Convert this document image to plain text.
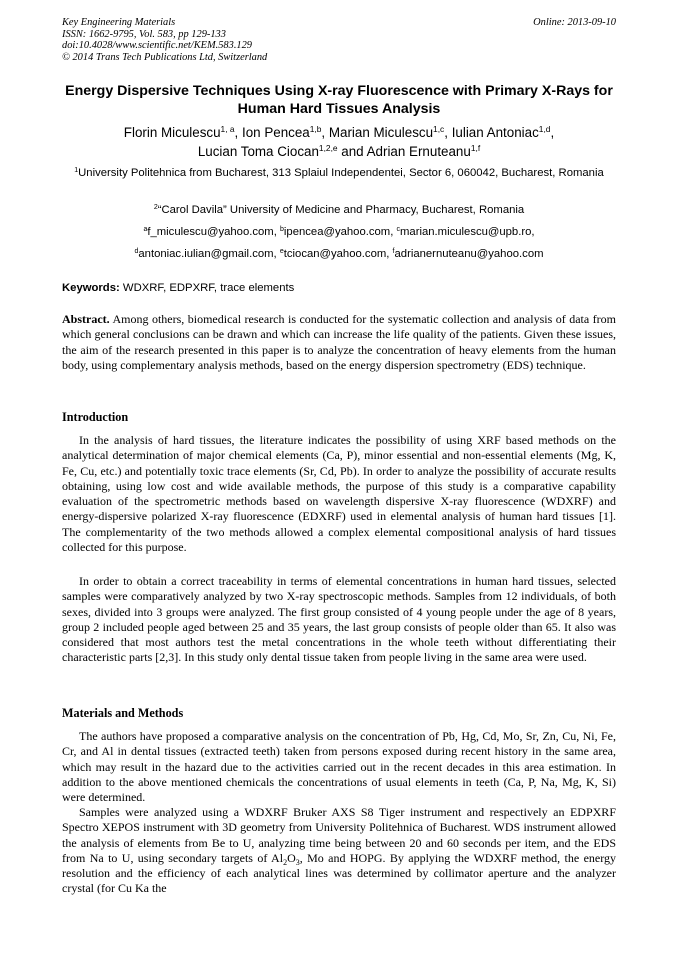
Key Engineering Materials
ISSN: 1662-9795, Vol. 583, pp 129-133
doi:10.4028/www.scientific.net/KEM.583.129
© 2014 Trans Tech Publications Ltd, Switzerland
Online: 2013-09-10
Energy Dispersive Techniques Using X-ray Fluorescence with Primary X-Rays for Human Hard Tissues Analysis
Florin Miculescu$^{1, a}$, Ion Pencea$^{1,b}$, Marian Miculescu$^{1,c}$, Iulian Antoniac$^{1,d}$,
Lucian Toma Ciocan$^{1,2,e}$ and Adrian Ernuteanu$^{1,f}$
$^1$University Politehnica from Bucharest, 313 Splaiul Independentei, Sector 6, 060042, Bucharest, Romania
$^2$“Carol Davila” University of Medicine and Pharmacy, Bucharest, Romania
$^a$f_miculescu@yahoo.com, $^b$ipencea@yahoo.com, $^c$marian.miculescu@upb.ro,
$^d$antoniac.iulian@gmail.com, $^e$tciocan@yahoo.com, $^f$adrianernuteanu@yahoo.com
Keywords: WDXRF, EDPXRF, trace elements

Abstract. Among others, biomedical research is conducted for the systematic collection and analysis of data from which general conclusions can be drawn and which can increase the life quality of the patients. Given these issues, the aim of the research presented in this paper is to analyze the concentration of heavy elements from the human body, using complementary analysis methods, based on the energy dispersion spectrometry (EDS) technique.

Introduction

In the analysis of hard tissues, the literature indicates the possibility of using XRF based methods on the analytical determination of major chemical elements (Ca, P), minor essential and non-essential elements (Mg, K, Fe, Cu, etc.) and potentially toxic trace elements (Sr, Cd, Pb). In order to analyze the possibility of accurate results obtaining, using low cost and wide available methods, the purpose of this study is a comparative capability evaluation of the spectrometric methods based on wavelength dispersive X-ray fluorescence (WDXRF) and energy-dispersive polarized X-ray fluorescence (EDXRF) used in elemental analysis of human hard tissues [1]. The complementarity of the two methods allowed a complex elemental compositional analysis of hard tissues collected for this purpose.

In order to obtain a correct traceability in terms of elemental concentrations in human hard tissues, selected samples were comparatively analyzed by two X-ray spectroscopic methods. Samples from 12 individuals, of both sexes, divided into 3 groups were analyzed. The first group consisted of 4 young people under the age of 8 years, group 2 included people aged between 25 and 35 years, the last group consists of people older than 65. It also was considered that most authors test the metal concentrations in the whole teeth without differentiating their characteristic parts [2,3]. In this study only dental tissue taken from people living in the same area were used.

Materials and Methods

The authors have proposed a comparative analysis on the concentration of Pb, Hg, Cd, Mo, Sr, Zn, Cu, Ni, Fe, Cr, and Al in dental tissues (extracted teeth) taken from persons exposed during recent history in the same area, which may result in the hazard due to the activities carried out in the recent decades in this area estimation. In addition to the above mentioned chemicals the concentrations of usual elements in teeth (Ca, P, Na, Mg, K, Si) were determined.

Samples were analyzed using a WDXRF Bruker AXS S8 Tiger instrument and respectively an EDPXRF Spectro XEPOS instrument with 3D geometry from University Politehnica of Bucharest. WDS instrument allowed the analysis of elements from Be to U, analyzing time being between 20 and 60 seconds per item, and the EDS from Na to U, using secondary targets of $Al_2O_3$, Mo and HOPG. By applying the WDXRF method, the energy resolution and the efficiency of each analytical lines was determined by collimator aperture and the analyzer crystal (for Cu Ka the
